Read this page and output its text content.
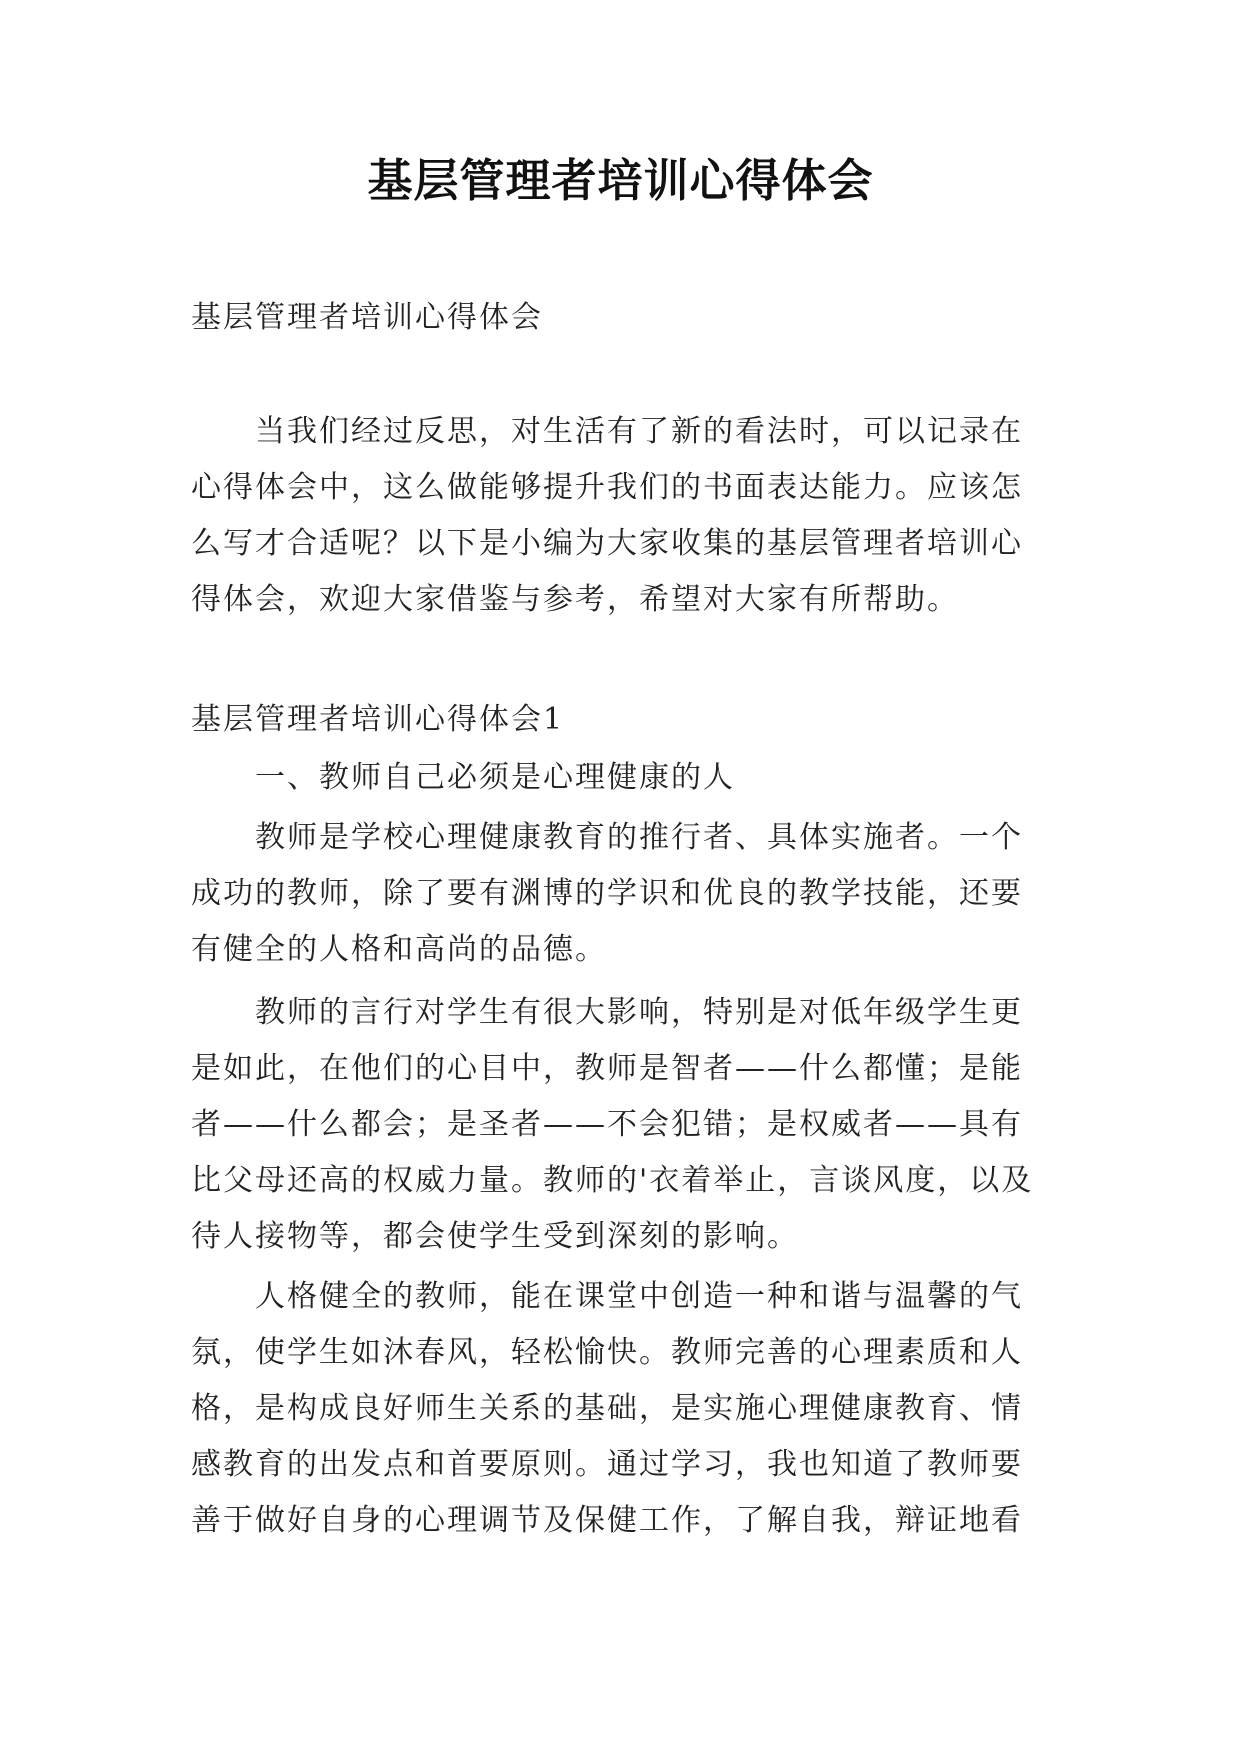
基层管理者培训心得体会

基层管理者培训心得体会

当我们经过反思，对生活有了新的看法时，可以记录在心得体会中，这么做能够提升我们的书面表达能力。应该怎么写才合适呢？以下是小编为大家收集的基层管理者培训心得体会，欢迎大家借鉴与参考，希望对大家有所帮助。

基层管理者培训心得体会1

一、教师自己必须是心理健康的人

教师是学校心理健康教育的推行者、具体实施者。一个成功的教师，除了要有渊博的学识和优良的教学技能，还要有健全的人格和高尚的品德。

教师的言行对学生有很大影响，特别是对低年级学生更是如此，在他们的心目中，教师是智者——什么都懂；是能者——什么都会；是圣者——不会犯错；是权威者——具有比父母还高的权威力量。教师的'衣着举止，言谈风度，以及待人接物等，都会使学生受到深刻的影响。

人格健全的教师，能在课堂中创造一种和谐与温馨的气氛，使学生如沐春风，轻松愉快。教师完善的心理素质和人格，是构成良好师生关系的基础，是实施心理健康教育、情感教育的出发点和首要原则。通过学习，我也知道了教师要善于做好自身的心理调节及保健工作，了解自我，辩证地看
